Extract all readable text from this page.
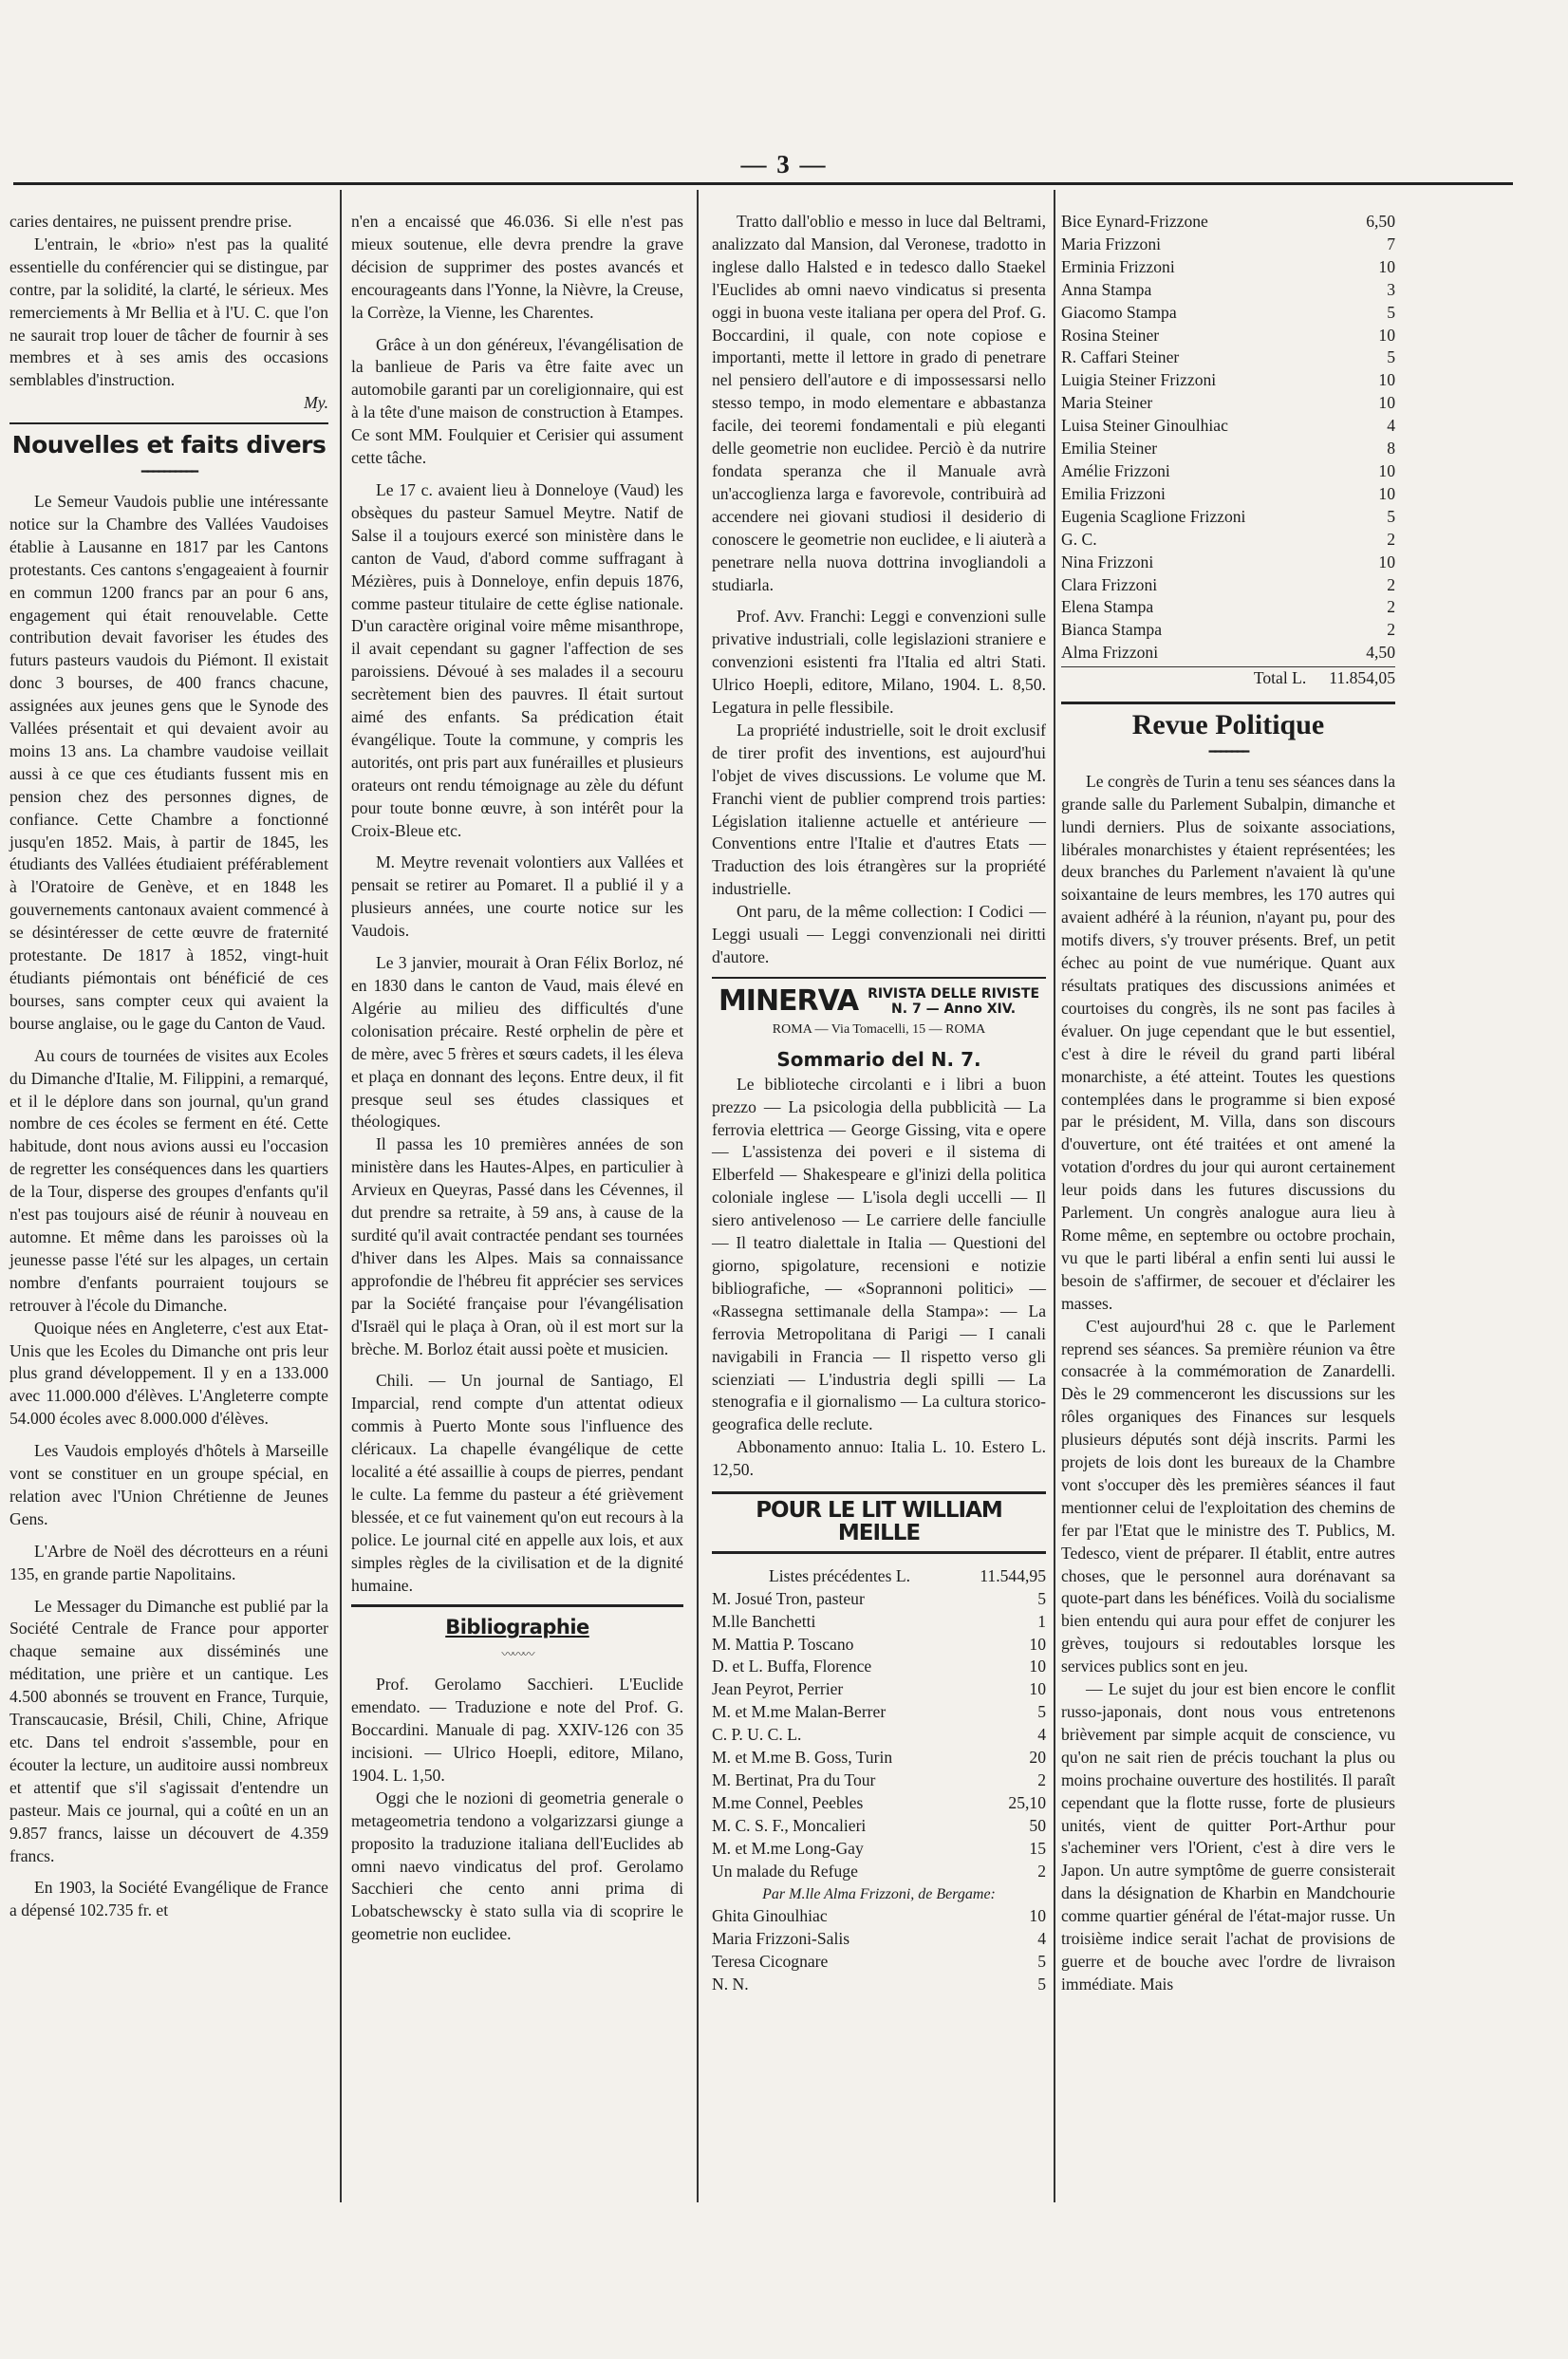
— 3 —

caries dentaires, ne puissent prendre prise.

L'entrain, le «brio» n'est pas la qualité essentielle du conférencier qui se distingue, par contre, par la solidité, la clarté, le sérieux. Mes remerciements à Mr Bellia et à l'U. C. que l'on ne saurait trop louer de tâcher de fournir à ses membres et à ses amis des occasions semblables d'instruction.

My.

Nouvelles et faits divers
━━━━━━━━━━

Le Semeur Vaudois publie une intéressante notice sur la Chambre des Vallées Vaudoises établie à Lausanne en 1817 par les Cantons protestants. Ces cantons s'engageaient à fournir en commun 1200 francs par an pour 6 ans, engagement qui était renouvelable. Cette contribution devait favoriser les études des futurs pasteurs vaudois du Piémont. Il existait donc 3 bourses, de 400 francs chacune, assignées aux jeunes gens que le Synode des Vallées présentait et qui devaient avoir au moins 13 ans. La chambre vaudoise veillait aussi à ce que ces étudiants fussent mis en pension chez des personnes dignes, de confiance. Cette Chambre a fonctionné jusqu'en 1852. Mais, à partir de 1845, les étudiants des Vallées étudiaient préférablement à l'Oratoire de Genève, et en 1848 les gouvernements cantonaux avaient commencé à se désintéresser de cette œuvre de fraternité protestante. De 1817 à 1852, vingt-huit étudiants piémontais ont bénéficié de ces bourses, sans compter ceux qui avaient la bourse anglaise, ou le gage du Canton de Vaud.

Au cours de tournées de visites aux Ecoles du Dimanche d'Italie, M. Filippini, a remarqué, et il le déplore dans son journal, qu'un grand nombre de ces écoles se ferment en été. Cette habitude, dont nous avions aussi eu l'occasion de regretter les conséquences dans les quartiers de la Tour, disperse des groupes d'enfants qu'il n'est pas toujours aisé de réunir à nouveau en automne. Et même dans les paroisses où la jeunesse passe l'été sur les alpages, un certain nombre d'enfants pourraient toujours se retrouver à l'école du Dimanche.

Quoique nées en Angleterre, c'est aux Etat-Unis que les Ecoles du Dimanche ont pris leur plus grand développement. Il y en a 133.000 avec 11.000.000 d'élèves. L'Angleterre compte 54.000 écoles avec 8.000.000 d'élèves.

Les Vaudois employés d'hôtels à Marseille vont se constituer en un groupe spécial, en relation avec l'Union Chrétienne de Jeunes Gens.

L'Arbre de Noël des décrotteurs en a réuni 135, en grande partie Napolitains.

Le Messager du Dimanche est publié par la Société Centrale de France pour apporter chaque semaine aux disséminés une méditation, une prière et un cantique. Les 4.500 abonnés se trouvent en France, Turquie, Transcaucasie, Brésil, Chili, Chine, Afrique etc. Dans tel endroit s'assemble, pour en écouter la lecture, un auditoire aussi nombreux et attentif que s'il s'agissait d'entendre un pasteur. Mais ce journal, qui a coûté en un an 9.857 francs, laisse un découvert de 4.359 francs.

En 1903, la Société Evangélique de France a dépensé 102.735 fr. et

n'en a encaissé que 46.036. Si elle n'est pas mieux soutenue, elle devra prendre la grave décision de supprimer des postes avancés et encourageants dans l'Yonne, la Nièvre, la Creuse, la Corrèze, la Vienne, les Charentes.

Grâce à un don généreux, l'évangélisation de la banlieue de Paris va être faite avec un automobile garanti par un coreligionnaire, qui est à la tête d'une maison de construction à Etampes. Ce sont MM. Foulquier et Cerisier qui assument cette tâche.

Le 17 c. avaient lieu à Donneloye (Vaud) les obsèques du pasteur Samuel Meytre. Natif de Salse il a toujours exercé son ministère dans le canton de Vaud, d'abord comme suffragant à Mézières, puis à Donneloye, enfin depuis 1876, comme pasteur titulaire de cette église nationale. D'un caractère original voire même misanthrope, il avait cependant su gagner l'affection de ses paroissiens. Dévoué à ses malades il a secouru secrètement bien des pauvres. Il était surtout aimé des enfants. Sa prédication était évangélique. Toute la commune, y compris les autorités, ont pris part aux funérailles et plusieurs orateurs ont rendu témoignage au zèle du défunt pour toute bonne œuvre, à son intérêt pour la Croix-Bleue etc.

M. Meytre revenait volontiers aux Vallées et pensait se retirer au Pomaret. Il a publié il y a plusieurs années, une courte notice sur les Vaudois.

Le 3 janvier, mourait à Oran Félix Borloz, né en 1830 dans le canton de Vaud, mais élevé en Algérie au milieu des difficultés d'une colonisation précaire. Resté orphelin de père et de mère, avec 5 frères et sœurs cadets, il les éleva et plaça en donnant des leçons. Entre deux, il fit presque seul ses études classiques et théologiques.

Il passa les 10 premières années de son ministère dans les Hautes-Alpes, en particulier à Arvieux en Queyras, Passé dans les Cévennes, il dut prendre sa retraite, à 59 ans, à cause de la surdité qu'il avait contractée pendant ses tournées d'hiver dans les Alpes. Mais sa connaissance approfondie de l'hébreu fit apprécier ses services par la Société française pour l'évangélisation d'Israël qui le plaça à Oran, où il est mort sur la brèche. M. Borloz était aussi poète et musicien.

Chili. — Un journal de Santiago, El Imparcial, rend compte d'un attentat odieux commis à Puerto Monte sous l'influence des cléricaux. La chapelle évangélique de cette localité a été assaillie à coups de pierres, pendant le culte. La femme du pasteur a été grièvement blessée, et ce fut vainement qu'on eut recours à la police. Le journal cité en appelle aux lois, et aux simples règles de la civilisation et de la dignité humaine.

Bibliographie
〰〰〰

Prof. Gerolamo Sacchieri. L'Euclide emendato. — Traduzione e note del Prof. G. Boccardini. Manuale di pag. XXIV-126 con 35 incisioni. — Ulrico Hoepli, editore, Milano, 1904. L. 1,50.

Oggi che le nozioni di geometria generale o metageometria tendono a volgarizzarsi giunge a proposito la traduzione italiana dell'Euclides ab omni naevo vindicatus del prof. Gerolamo Sacchieri che cento anni prima di Lobatschewscky è stato sulla via di scoprire le geometrie non euclidee.

Tratto dall'oblio e messo in luce dal Beltrami, analizzato dal Mansion, dal Veronese, tradotto in inglese dallo Halsted e in tedesco dallo Staekel l'Euclides ab omni naevo vindicatus si presenta oggi in buona veste italiana per opera del Prof. G. Boccardini, il quale, con note copiose e importanti, mette il lettore in grado di penetrare nel pensiero dell'autore e di impossessarsi nello stesso tempo, in modo elementare e abbastanza facile, dei teoremi fondamentali e più eleganti delle geometrie non euclidee. Perciò è da nutrire fondata speranza che il Manuale avrà un'accoglienza larga e favorevole, contribuirà ad accendere nei giovani studiosi il desiderio di conoscere le geometrie non euclidee, e li aiuterà a penetrare nella nuova dottrina invogliandoli a studiarla.

Prof. Avv. Franchi: Leggi e convenzioni sulle privative industriali, colle legislazioni straniere e convenzioni esistenti fra l'Italia ed altri Stati. Ulrico Hoepli, editore, Milano, 1904. L. 8,50. Legatura in pelle flessibile.

La propriété industrielle, soit le droit exclusif de tirer profit des inventions, est aujourd'hui l'objet de vives discussions. Le volume que M. Franchi vient de publier comprend trois parties: Législation italienne actuelle et antérieure — Conventions entre l'Italie et d'autres Etats — Traduction des lois étrangères sur la propriété industrielle.

Ont paru, de la même collection: I Codici — Leggi usuali — Leggi convenzionali nei diritti d'autore.

MINERVA RIVISTA DELLE RIVISTE
N. 7 — Anno XIV.
ROMA — Via Tomacelli, 15 — ROMA
Sommario del N. 7.

Le biblioteche circolanti e i libri a buon prezzo — La psicologia della pubblicità — La ferrovia elettrica — George Gissing, vita e opere — L'assistenza dei poveri e il sistema di Elberfeld — Shakespeare e gl'inizi della politica coloniale inglese — L'isola degli uccelli — Il siero antivelenoso — Le carriere delle fanciulle — Il teatro dialettale in Italia — Questioni del giorno, spigolature, recensioni e notizie bibliografiche, — «Soprannoni politici» — «Rassegna settimanale della Stampa»: — La ferrovia Metropolitana di Parigi — I canali navigabili in Francia — Il rispetto verso gli scienziati — L'industria degli spilli — La stenografia e il giornalismo — La cultura storico-geografica delle reclute.

Abbonamento annuo: Italia L. 10. Estero L. 12,50.

POUR LE LIT WILLIAM MEILLE
Listes précédentes L.	11.544,95
M. Josué Tron, pasteur	5
M.lle Banchetti	1
M. Mattia P. Toscano	10
D. et L. Buffa, Florence	10
Jean Peyrot, Perrier	10
M. et M.me Malan-Berrer	5
C. P. U. C. L.	4
M. et M.me B. Goss, Turin	20
M. Bertinat, Pra du Tour	2
M.me Connel, Peebles	25,10
M. C. S. F., Moncalieri	50
M. et M.me Long-Gay	15
Un malade du Refuge	2

Par M.lle Alma Frizzoni, de Bergame:

Ghita Ginoulhiac	10
Maria Frizzoni-Salis	4
Teresa Cicognare	5
N. N.	5
Bice Eynard-Frizzone	6,50
Maria Frizzoni	7
Erminia Frizzoni	10
Anna Stampa	3
Giacomo Stampa	5
Rosina Steiner	10
R. Caffari Steiner	5
Luigia Steiner Frizzoni	10
Maria Steiner	10
Luisa Steiner Ginoulhiac	4
Emilia Steiner	8
Amélie Frizzoni	10
Emilia Frizzoni	10
Eugenia Scaglione Frizzoni	5
G. C.	2
Nina Frizzoni	10
Clara Frizzoni	2
Elena Stampa	2
Bianca Stampa	2
Alma Frizzoni	4,50
Total L. 11.854,05
Revue Politique
━━━━━━━

Le congrès de Turin a tenu ses séances dans la grande salle du Parlement Subalpin, dimanche et lundi derniers. Plus de soixante associations, libérales monarchistes y étaient représentées; les deux branches du Parlement n'avaient là qu'une soixantaine de leurs membres, les 170 autres qui avaient adhéré à la réunion, n'ayant pu, pour des motifs divers, s'y trouver présents. Bref, un petit échec au point de vue numérique. Quant aux résultats pratiques des discussions animées et courtoises du congrès, ils ne sont pas faciles à évaluer. On juge cependant que le but essentiel, c'est à dire le réveil du grand parti libéral monarchiste, a été atteint. Toutes les questions contemplées dans le programme si bien exposé par le président, M. Villa, dans son discours d'ouverture, ont été traitées et ont amené la votation d'ordres du jour qui auront certainement leur poids dans les futures discussions du Parlement. Un congrès analogue aura lieu à Rome même, en septembre ou octobre prochain, vu que le parti libéral a enfin senti lui aussi le besoin de s'affirmer, de secouer et d'éclairer les masses.

C'est aujourd'hui 28 c. que le Parlement reprend ses séances. Sa première réunion va être consacrée à la commémoration de Zanardelli. Dès le 29 commenceront les discussions sur les rôles organiques des Finances sur lesquels plusieurs députés sont déjà inscrits. Parmi les projets de lois dont les bureaux de la Chambre vont s'occuper dès les premières séances il faut mentionner celui de l'exploitation des chemins de fer par l'Etat que le ministre des T. Publics, M. Tedesco, vient de préparer. Il établit, entre autres choses, que le personnel aura dorénavant sa quote-part dans les bénéfices. Voilà du socialisme bien entendu qui aura pour effet de conjurer les grèves, toujours si redoutables lorsque les services publics sont en jeu.

— Le sujet du jour est bien encore le conflit russo-japonais, dont nous vous entretenons brièvement par simple acquit de conscience, vu qu'on ne sait rien de précis touchant la plus ou moins prochaine ouverture des hostilités. Il paraît cependant que la flotte russe, forte de plusieurs unités, vient de quitter Port-Arthur pour s'acheminer vers l'Orient, c'est à dire vers le Japon. Un autre symptôme de guerre consisterait dans la désignation de Kharbin en Mandchourie comme quartier général de l'état-major russe. Un troisième indice serait l'achat de provisions de guerre et de bouche avec l'ordre de livraison immédiate. Mais
